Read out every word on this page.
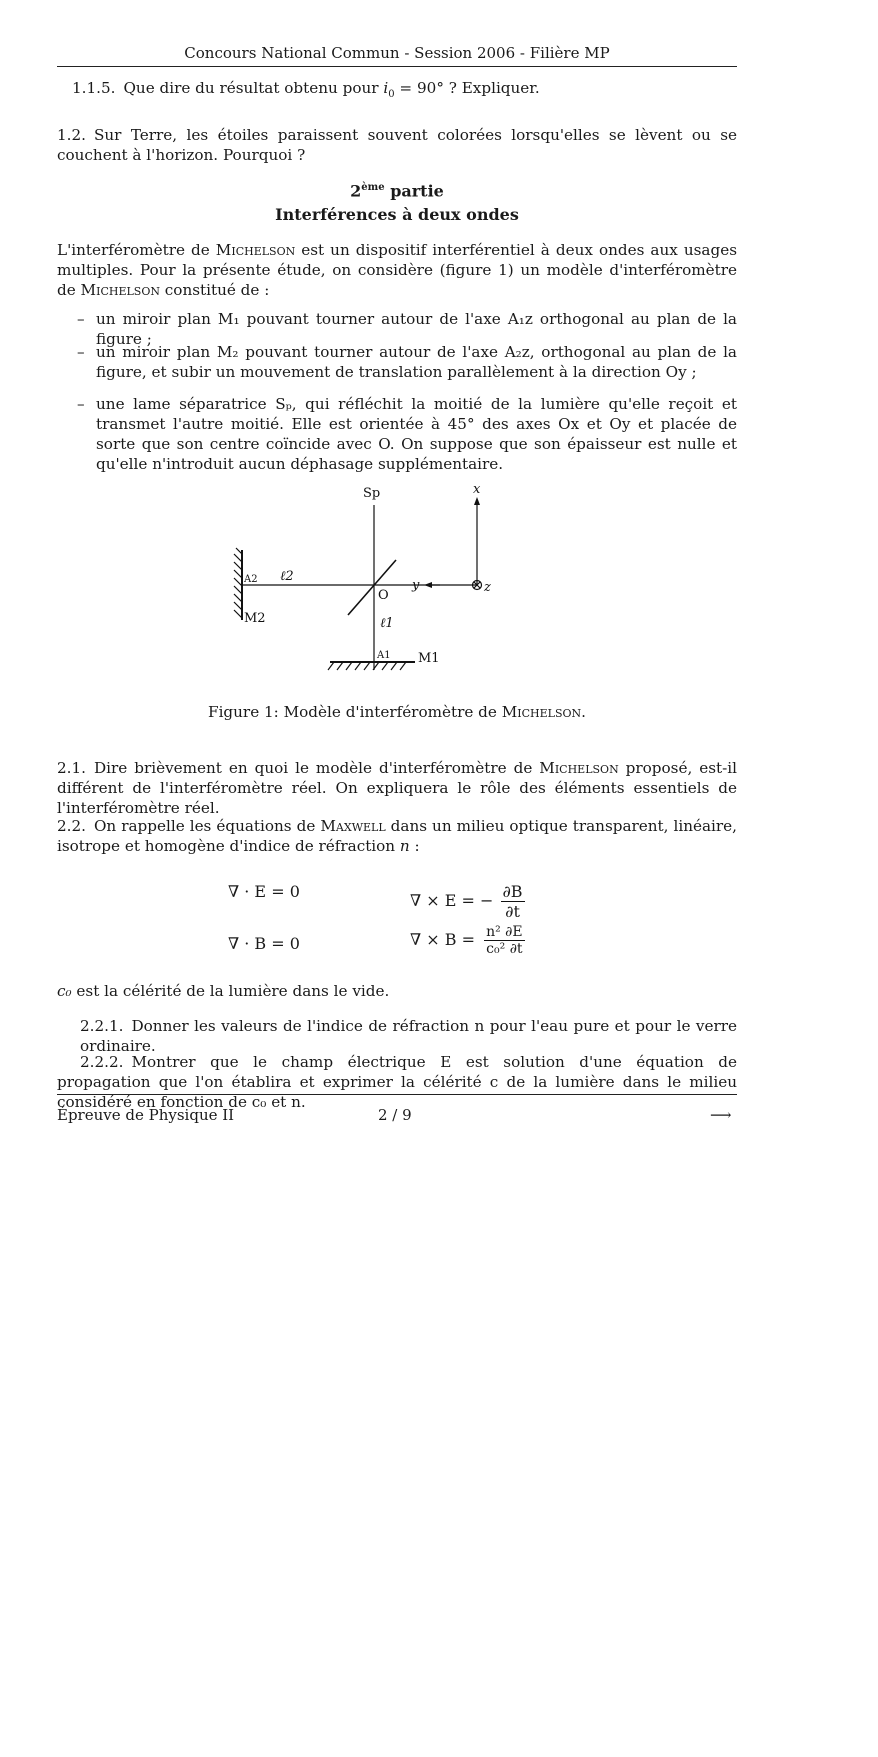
Concours National Commun - Session 2006 - Filière MP

1.1.5. Que dire du résultat obtenu pour $i_0 = 90^\circ$ ? Expliquer.

1.2. Sur Terre, les étoiles paraissent souvent colorées lorsqu'elles se lèvent ou se couchent à l'horizon. Pourquoi ?

2ème partie
Interférences à deux ondes

L'interféromètre de Michelson est un dispositif interférentiel à deux ondes aux usages multiples. Pour la présente étude, on considère (figure 1) un modèle d'interféromètre de Michelson constitué de :

– un miroir plan M₁ pouvant tourner autour de l'axe A₁z orthogonal au plan de la figure ;
– un miroir plan M₂ pouvant tourner autour de l'axe A₂z, orthogonal au plan de la figure, et subir un mouvement de translation parallèlement à la direction Oy ;
– une lame séparatrice Sₚ, qui réfléchit la moitié de la lumière qu'elle reçoit et transmet l'autre moitié. Elle est orientée à 45° des axes Ox et Oy et placée de sorte que son centre coïncide avec O. On suppose que son épaisseur est nulle et qu'elle n'introduit aucun déphasage supplémentaire.
Sp
A2 ℓ2
O
M2	ℓ1
A1 M1
x
y	z
Figure 1: Modèle d'interféromètre de Michelson.

2.1. Dire brièvement en quoi le modèle d'interféromètre de Michelson proposé, est-il différent de l'interféromètre réel. On expliquera le rôle des éléments essentiels de l'interféromètre réel.

2.2. On rappelle les équations de Maxwell dans un milieu optique transparent, linéaire, isotrope et homogène d'indice de réfraction n :

∇ · E = 0	∇ × E = − $\frac{\partial B}{\partial t}$
∇ · B = 0	∇ × $B = \frac{\text{n² ∂E}}{\text{c₀² ∂t}}$

c₀ est la célérité de la lumière dans le vide.

2.2.1. Donner les valeurs de l'indice de réfraction n pour l'eau pure et pour le verre ordinaire.

2.2.2. Montrer que le champ électrique E est solution d'une équation de propagation que l'on établira et exprimer la célérité c de la lumière dans le milieu considéré en fonction de c₀ et n.

Épreuve de Physique II	2 / 9	⟶
